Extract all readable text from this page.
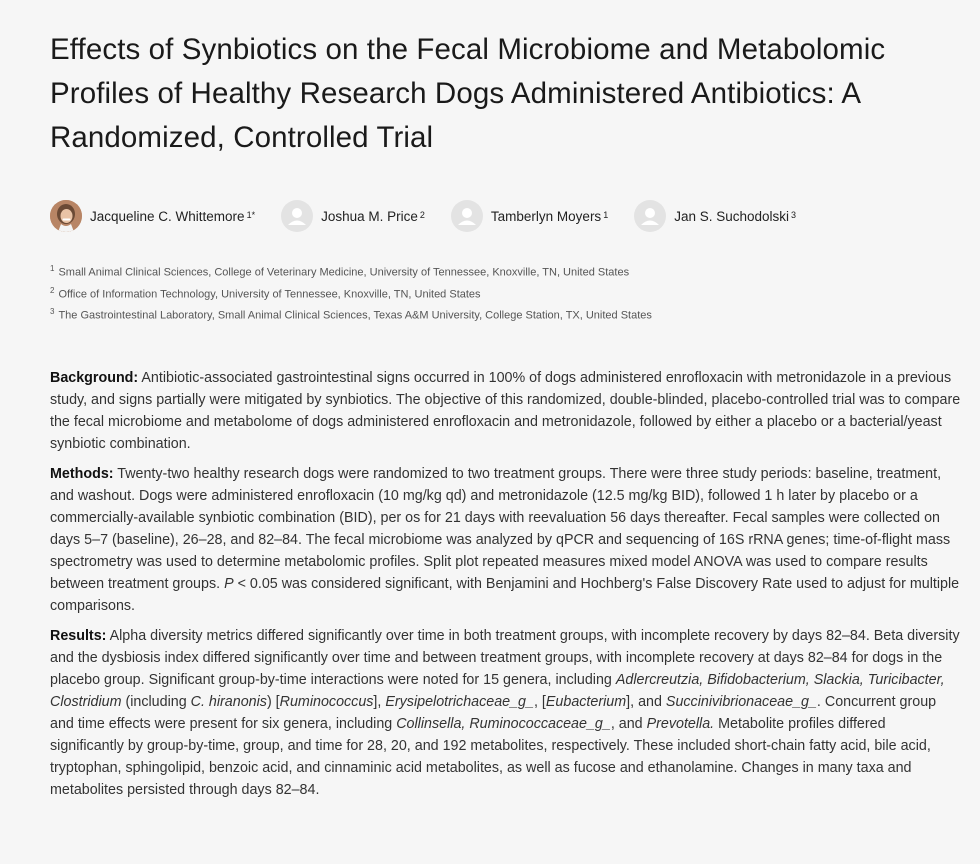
Effects of Synbiotics on the Fecal Microbiome and Metabolomic Profiles of Healthy Research Dogs Administered Antibiotics: A Randomized, Controlled Trial
Jacqueline C. Whittemore$^{1*}$	Joshua M. Price$^2$	Tamberlyn Moyers$^1$	Jan S. Suchodolski$^3$
$^1$ Small Animal Clinical Sciences, College of Veterinary Medicine, University of Tennessee, Knoxville, TN, United States
$^2$ Office of Information Technology, University of Tennessee, Knoxville, TN, United States
$^3$ The Gastrointestinal Laboratory, Small Animal Clinical Sciences, Texas A&M University, College Station, TX, United States

Background: Antibiotic-associated gastrointestinal signs occurred in 100% of dogs administered enrofloxacin with metronidazole in a previous study, and signs partially were mitigated by synbiotics. The objective of this randomized, double-blinded, placebo-controlled trial was to compare the fecal microbiome and metabolome of dogs administered enrofloxacin and metronidazole, followed by either a placebo or a bacterial/yeast synbiotic combination.

Methods: Twenty-two healthy research dogs were randomized to two treatment groups. There were three study periods: baseline, treatment, and washout. Dogs were administered enrofloxacin (10 mg/kg qd) and metronidazole (12.5 mg/kg BID), followed 1 h later by placebo or a commercially-available synbiotic combination (BID), per os for 21 days with reevaluation 56 days thereafter. Fecal samples were collected on days 5–7 (baseline), 26–28, and 82–84. The fecal microbiome was analyzed by qPCR and sequencing of 16S rRNA genes; time-of-flight mass spectrometry was used to determine metabolomic profiles. Split plot repeated measures mixed model ANOVA was used to compare results between treatment groups. P < 0.05 was considered significant, with Benjamini and Hochberg's False Discovery Rate used to adjust for multiple comparisons.

Results: Alpha diversity metrics differed significantly over time in both treatment groups, with incomplete recovery by days 82–84. Beta diversity and the dysbiosis index differed significantly over time and between treatment groups, with incomplete recovery at days 82–84 for dogs in the placebo group. Significant group-by-time interactions were noted for 15 genera, including Adlercreutzia, Bifidobacterium, Slackia, Turicibacter, Clostridium (including C. hiranonis) [Ruminococcus], Erysipelotrichaceae_g_, [Eubacterium], and Succinivibrionaceae_g_. Concurrent group and time effects were present for six genera, including Collinsella, Ruminococcaceae_g_, and Prevotella. Metabolite profiles differed significantly by group-by-time, group, and time for 28, 20, and 192 metabolites, respectively. These included short-chain fatty acid, bile acid, tryptophan, sphingolipid, benzoic acid, and cinnaminic acid metabolites, as well as fucose and ethanolamine. Changes in many taxa and metabolites persisted through days 82–84.
